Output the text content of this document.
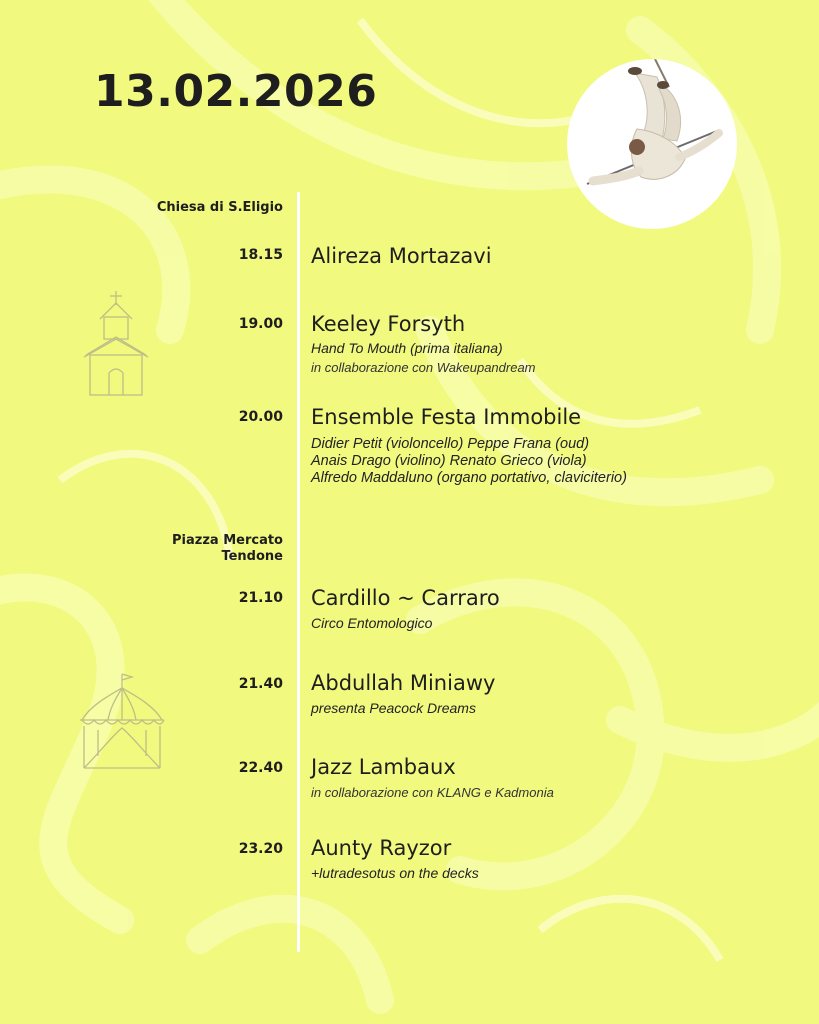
13.02.2026
Chiesa di S.Eligio
18.15 Alireza Mortazavi
19.00 Keeley Forsyth
Hand To Mouth (prima italiana)
in collaborazione con Wakeupandream
20.00 Ensemble Festa Immobile
Didier Petit (violoncello) Peppe Frana (oud)
Anais Drago (violino) Renato Grieco (viola)
Alfredo Maddaluno (organo portativo, claviciterio)
Piazza Mercato
Tendone
21.10 Cardillo ~ Carraro
Circo Entomologico
21.40 Abdullah Miniawy
presenta Peacock Dreams
22.40 Jazz Lambaux
in collaborazione con KLANG e Kadmonia
23.20 Aunty Rayzor
+lutradesotus on the decks
